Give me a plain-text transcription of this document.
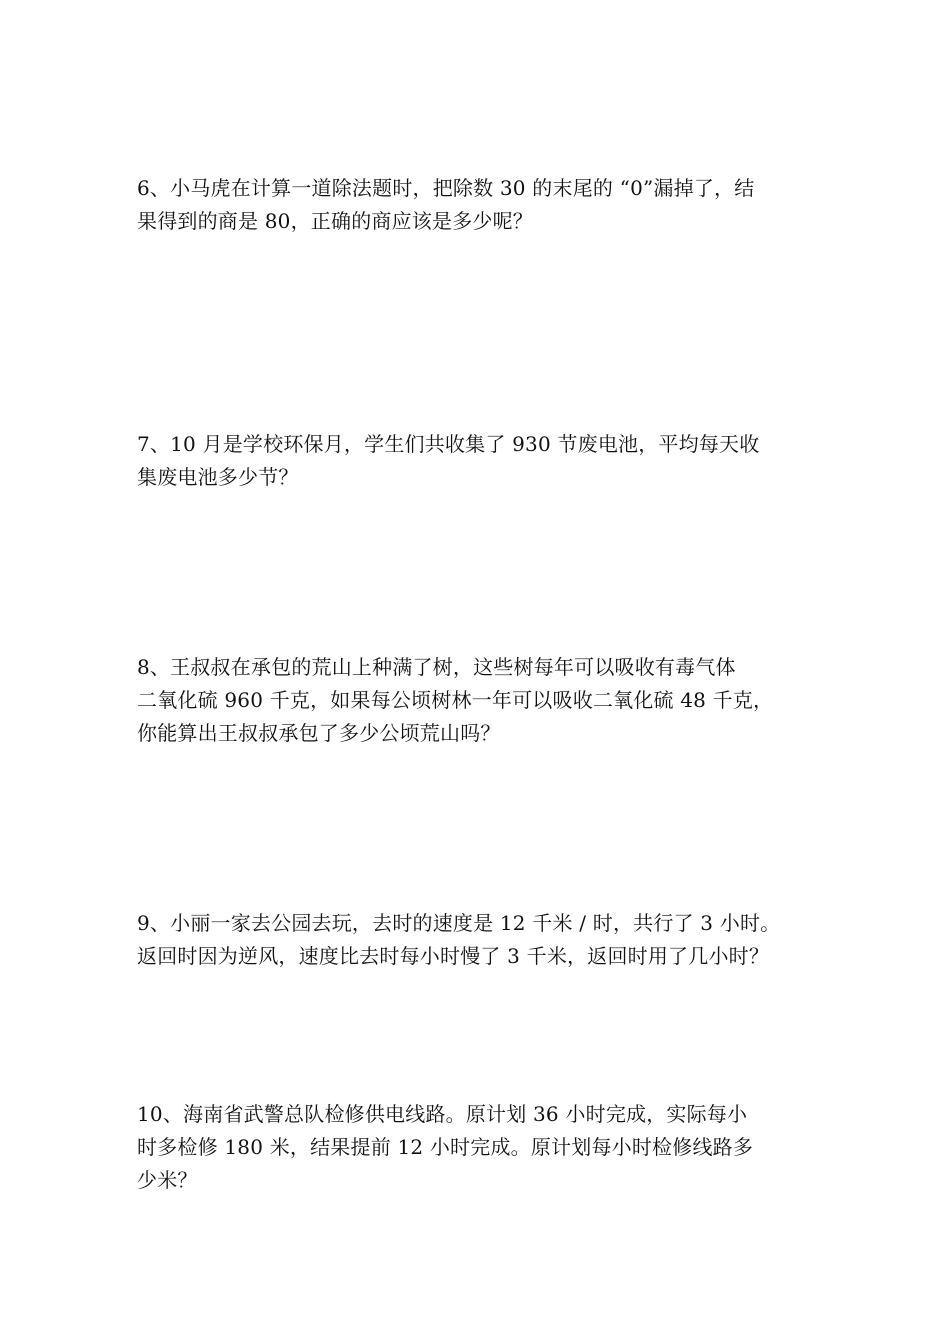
6、小马虎在计算一道除法题时，把除数 30 的末尾的 “0”漏掉了，结
果得到的商是 80，正确的商应该是多少呢？
7、10 月是学校环保月，学生们共收集了 930 节废电池，平均每天收
集废电池多少节？
8、王叔叔在承包的荒山上种满了树，这些树每年可以吸收有毒气体
二氧化硫 960 千克，如果每公顷树林一年可以吸收二氧化硫 48 千克，
你能算出王叔叔承包了多少公顷荒山吗？
9、小丽一家去公园去玩，去时的速度是 12 千米 / 时，共行了 3 小时。
返回时因为逆风，速度比去时每小时慢了 3 千米，返回时用了几小时？
10、海南省武警总队检修供电线路。原计划 36 小时完成，实际每小
时多检修 180 米，结果提前 12 小时完成。原计划每小时检修线路多
少米？
